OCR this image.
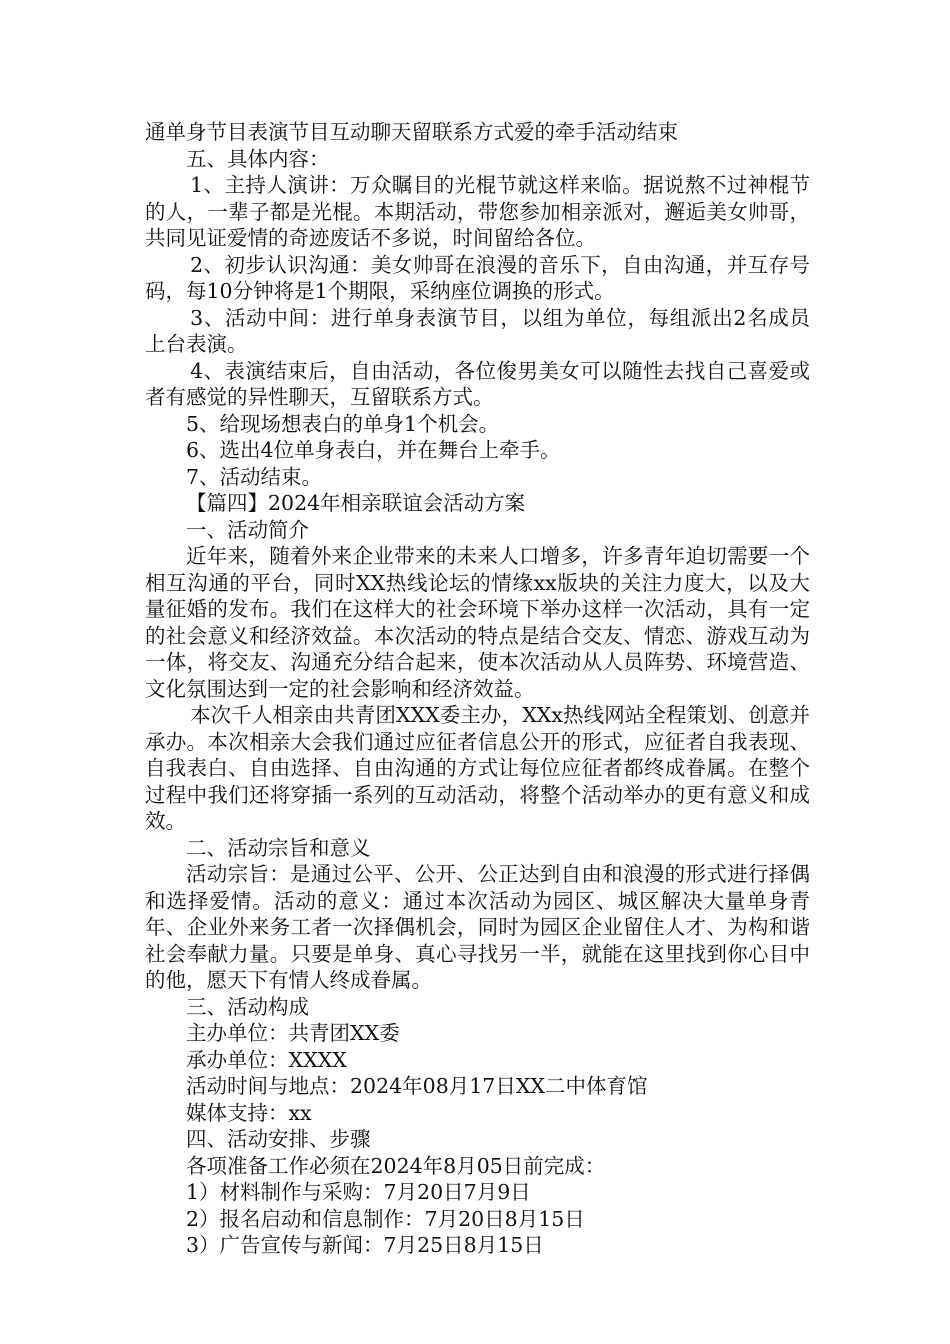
通单身节目表演节目互动聊天留联系方式爱的牵手活动结束

五、具体内容：

1、主持人演讲：万众瞩目的光棍节就这样来临。据说熬不过神棍节的人，一辈子都是光棍。本期活动，带您参加相亲派对，邂逅美女帅哥，共同见证爱情的奇迹废话不多说，时间留给各位。

2、初步认识沟通：美女帅哥在浪漫的音乐下，自由沟通，并互存号码，每10分钟将是1个期限，采纳座位调换的形式。

3、活动中间：进行单身表演节目，以组为单位，每组派出2名成员上台表演。

4、表演结束后，自由活动，各位俊男美女可以随性去找自己喜爱或者有感觉的异性聊天，互留联系方式。

5、给现场想表白的单身1个机会。

6、选出4位单身表白，并在舞台上牵手。

7、活动结束。

【篇四】2024年相亲联谊会活动方案

一、活动简介

近年来，随着外来企业带来的未来人口增多，许多青年迫切需要一个相互沟通的平台，同时XX热线论坛的情缘xx版块的关注力度大，以及大量征婚的发布。我们在这样大的社会环境下举办这样一次活动，具有一定的社会意义和经济效益。本次活动的特点是结合交友、情恋、游戏互动为一体，将交友、沟通充分结合起来，使本次活动从人员阵势、环境营造、文化氛围达到一定的社会影响和经济效益。

本次千人相亲由共青团XXX委主办，XXx热线网站全程策划、创意并承办。本次相亲大会我们通过应征者信息公开的形式，应征者自我表现、自我表白、自由选择、自由沟通的方式让每位应征者都终成眷属。在整个过程中我们还将穿插一系列的互动活动，将整个活动举办的更有意义和成效。

二、活动宗旨和意义

活动宗旨：是通过公平、公开、公正达到自由和浪漫的形式进行择偶和选择爱情。活动的意义：通过本次活动为园区、城区解决大量单身青年、企业外来务工者一次择偶机会，同时为园区企业留住人才、为构和谐社会奉献力量。只要是单身、真心寻找另一半，就能在这里找到你心目中的他，愿天下有情人终成眷属。

三、活动构成

主办单位：共青团XX委

承办单位：XXXX

活动时间与地点：2024年08月17日XX二中体育馆

媒体支持：xx

四、活动安排、步骤

各项准备工作必须在2024年8月05日前完成：

1）材料制作与采购：7月20日7月9日

2）报名启动和信息制作：7月20日8月15日

3）广告宣传与新闻：7月25日8月15日
